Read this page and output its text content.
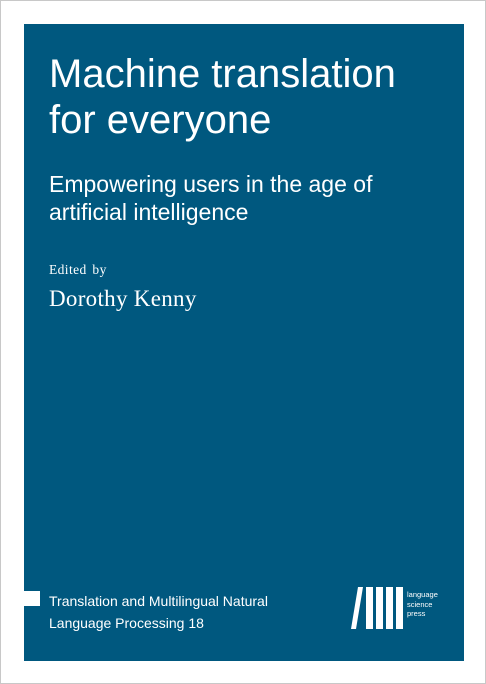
Machine translation
for everyone
Empowering users in the age of
artificial intelligence
Edited by
Dorothy Kenny
Translation and Multilingual Natural
Language Processing 18
language
science
press
